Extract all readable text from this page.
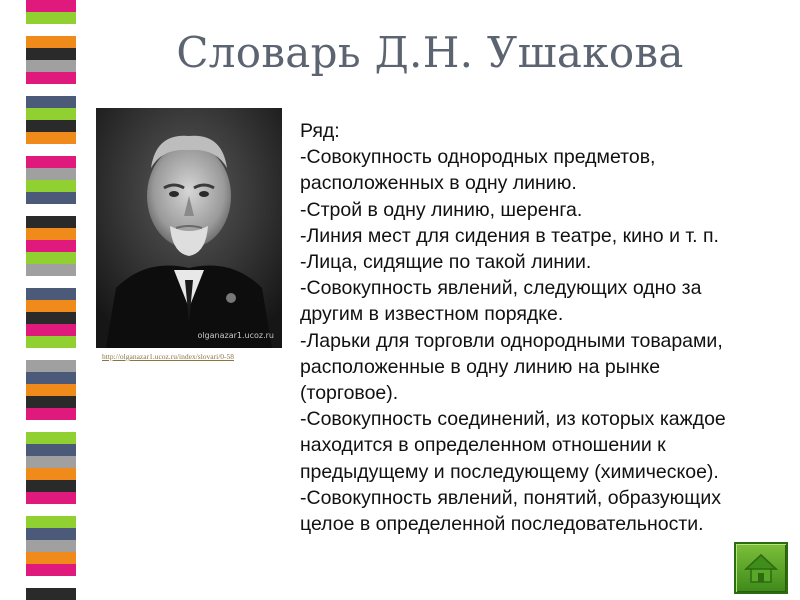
Словарь Д.Н. Ушакова
olganazar1.ucoz.ru
http://olganazar1.ucoz.ru/index/slovari/0-58
Ряд:
-Совокупность однородных предметов,
расположенных в одну линию.
-Строй в одну линию, шеренга.
-Линия мест для сидения в театре, кино и т. п.
-Лица, сидящие по такой линии.
-Совокупность явлений, следующих одно за
другим в известном порядке.
-Ларьки для торговли однородными товарами,
расположенные в одну линию на рынке
(торговое).
-Совокупность соединений, из которых каждое
находится в определенном отношении к
предыдущему и последующему (химическое).
-Совокупность явлений, понятий, образующих
целое в определенной последовательности.
